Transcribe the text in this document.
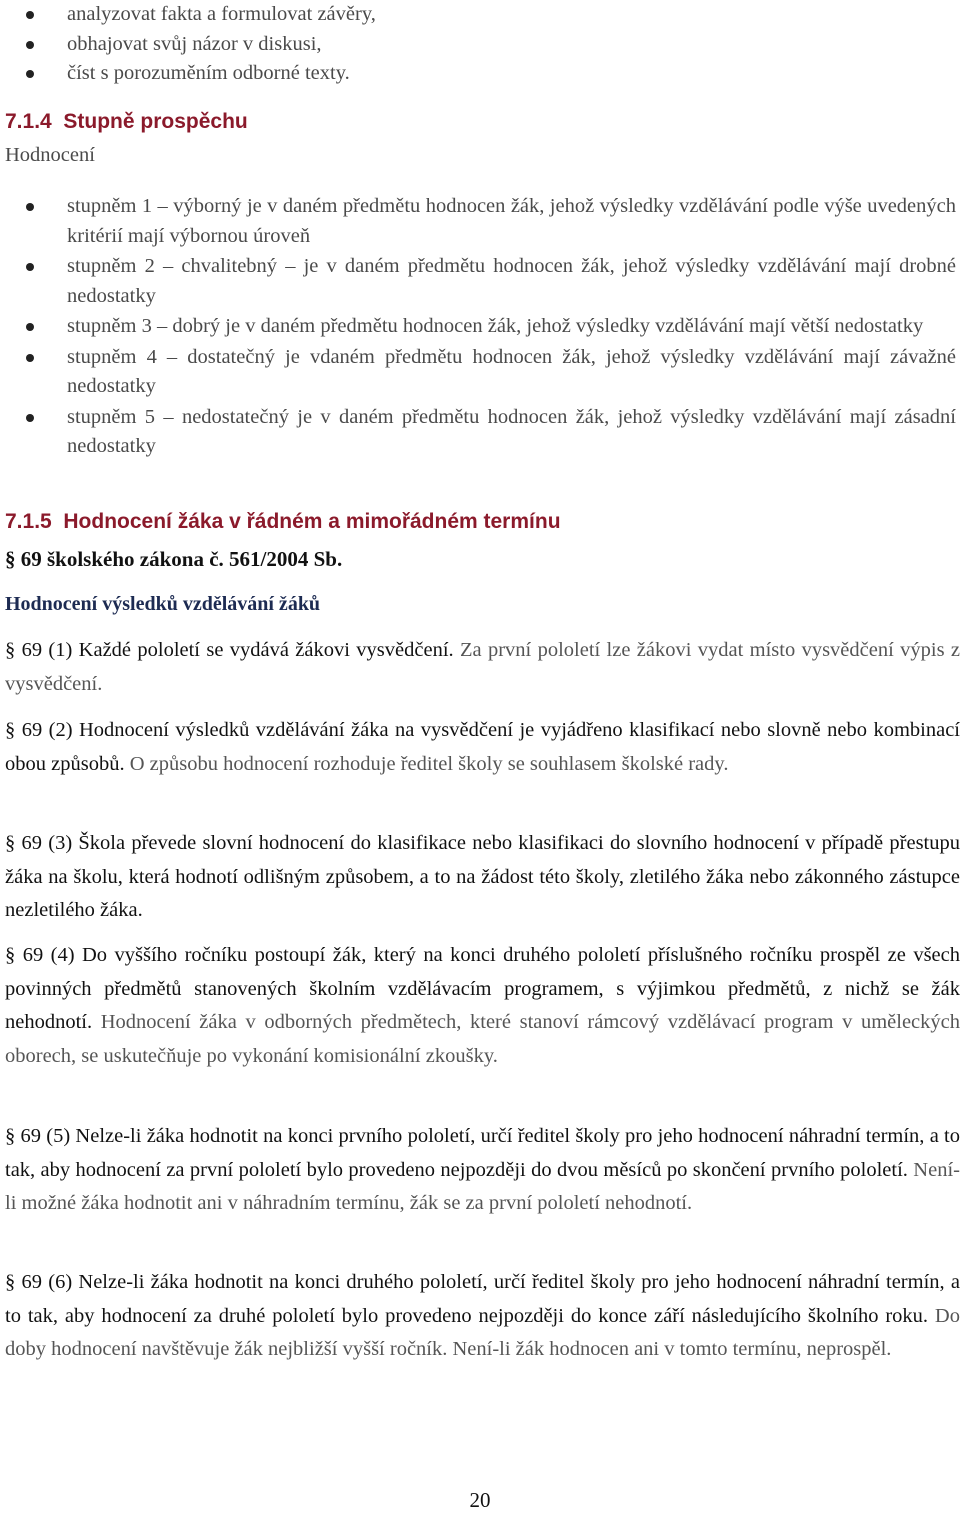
analyzovat fakta a formulovat závěry,
obhajovat svůj názor v diskusi,
číst s porozuměním odborné texty.
7.1.4 Stupně prospěchu
Hodnocení
stupněm 1 – výborný je v daném předmětu hodnocen žák, jehož výsledky vzdělávání podle výše uvedených kritérií mají výbornou úroveň
stupněm 2 – chvalitebný – je v daném předmětu hodnocen žák, jehož výsledky vzdělávání mají drobné nedostatky
stupněm 3 – dobrý je v daném předmětu hodnocen žák, jehož výsledky vzdělávání mají větší nedostatky
stupněm 4 – dostatečný je vdaném předmětu hodnocen žák, jehož výsledky vzdělávání mají závažné nedostatky
stupněm 5 – nedostatečný je v daném předmětu hodnocen žák, jehož výsledky vzdělávání mají zásadní nedostatky
7.1.5 Hodnocení žáka v řádném a mimořádném termínu
§ 69 školského zákona č. 561/2004 Sb.
Hodnocení výsledků vzdělávání žáků

§ 69 (1) Každé pololetí se vydává žákovi vysvědčení. Za první pololetí lze žákovi vydat místo vysvědčení výpis z vysvědčení.

§ 69 (2) Hodnocení výsledků vzdělávání žáka na vysvědčení je vyjádřeno klasifikací nebo slovně nebo kombinací obou způsobů. O způsobu hodnocení rozhoduje ředitel školy se souhlasem školské rady.

§ 69 (3) Škola převede slovní hodnocení do klasifikace nebo klasifikaci do slovního hodnocení v případě přestupu žáka na školu, která hodnotí odlišným způsobem, a to na žádost této školy, zletilého žáka nebo zákonného zástupce nezletilého žáka.

§ 69 (4) Do vyššího ročníku postoupí žák, který na konci druhého pololetí příslušného ročníku prospěl ze všech povinných předmětů stanovených školním vzdělávacím programem, s výjimkou předmětů, z nichž se žák nehodnotí. Hodnocení žáka v odborných předmětech, které stanoví rámcový vzdělávací program v uměleckých oborech, se uskutečňuje po vykonání komisionální zkoušky.

§ 69 (5) Nelze-li žáka hodnotit na konci prvního pololetí, určí ředitel školy pro jeho hodnocení náhradní termín, a to tak, aby hodnocení za první pololetí bylo provedeno nejpozději do dvou měsíců po skončení prvního pololetí. Není-li možné žáka hodnotit ani v náhradním termínu, žák se za první pololetí nehodnotí.

§ 69 (6) Nelze-li žáka hodnotit na konci druhého pololetí, určí ředitel školy pro jeho hodnocení náhradní termín, a to tak, aby hodnocení za druhé pololetí bylo provedeno nejpozději do konce září následujícího školního roku. Do doby hodnocení navštěvuje žák nejbližší vyšší ročník. Není-li žák hodnocen ani v tomto termínu, neprospěl.

20
